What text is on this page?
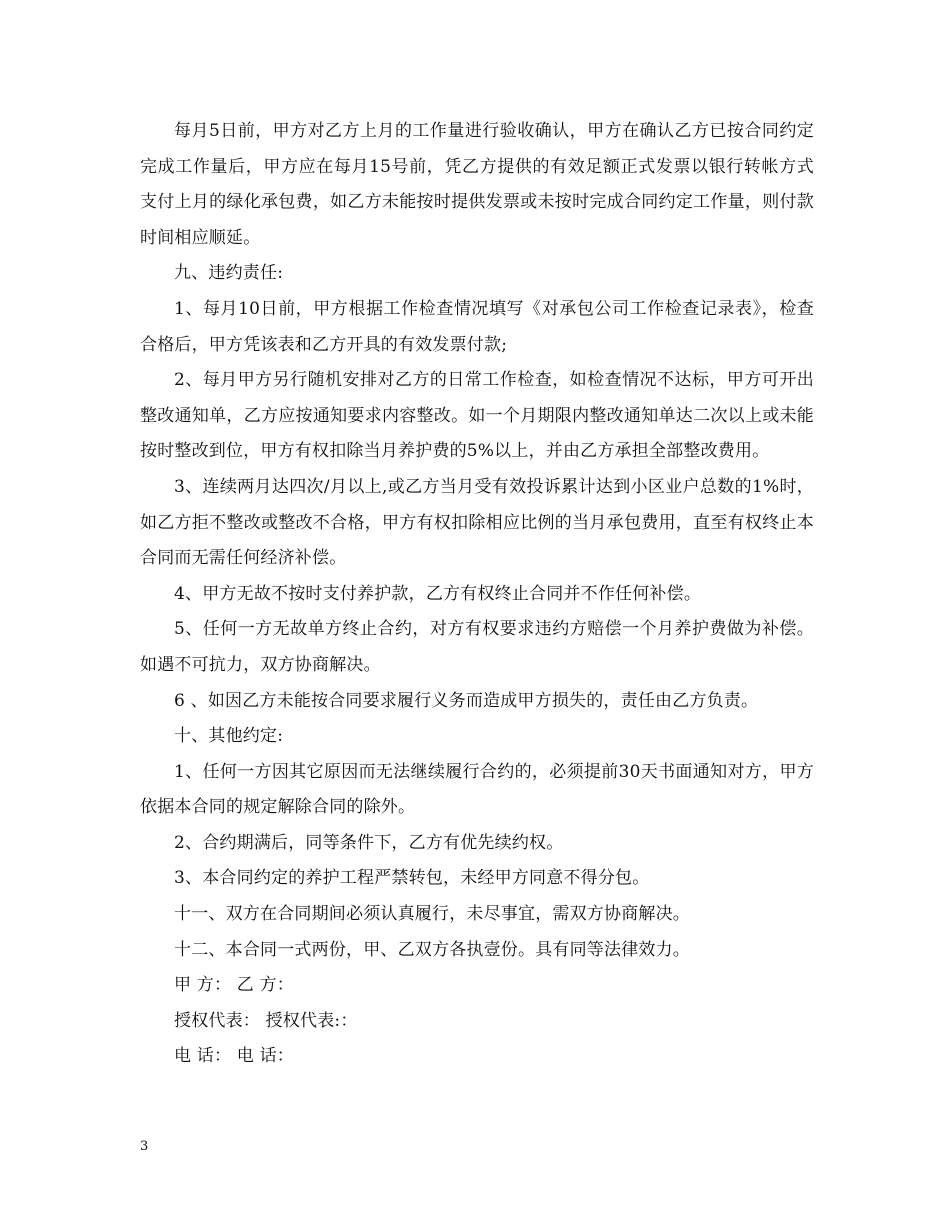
每月5日前，甲方对乙方上月的工作量进行验收确认，甲方在确认乙方已按合同约定完成工作量后，甲方应在每月15号前，凭乙方提供的有效足额正式发票以银行转帐方式支付上月的绿化承包费，如乙方未能按时提供发票或未按时完成合同约定工作量，则付款时间相应顺延。

九、违约责任:

1、每月10日前，甲方根据工作检查情况填写《对承包公司工作检查记录表》，检查合格后，甲方凭该表和乙方开具的有效发票付款;

2、每月甲方另行随机安排对乙方的日常工作检查，如检查情况不达标，甲方可开出整改通知单，乙方应按通知要求内容整改。如一个月期限内整改通知单达二次以上或未能按时整改到位，甲方有权扣除当月养护费的5%以上，并由乙方承担全部整改费用。

3、连续两月达四次/月以上,或乙方当月受有效投诉累计达到小区业户总数的1%时，如乙方拒不整改或整改不合格，甲方有权扣除相应比例的当月承包费用，直至有权终止本合同而无需任何经济补偿。

4、甲方无故不按时支付养护款，乙方有权终止合同并不作任何补偿。

5、任何一方无故单方终止合约，对方有权要求违约方赔偿一个月养护费做为补偿。如遇不可抗力，双方协商解决。

6 、如因乙方未能按合同要求履行义务而造成甲方损失的，责任由乙方负责。

十、其他约定:

1、任何一方因其它原因而无法继续履行合约的，必须提前30天书面通知对方，甲方依据本合同的规定解除合同的除外。

2、合约期满后，同等条件下，乙方有优先续约权。

3、本合同约定的养护工程严禁转包，未经甲方同意不得分包。

十一、双方在合同期间必须认真履行，未尽事宜，需双方协商解决。

十二、本合同一式两份，甲、乙双方各执壹份。具有同等法律效力。

甲 方： 乙 方：

授权代表： 授权代表:：

电 话： 电 话：

3
